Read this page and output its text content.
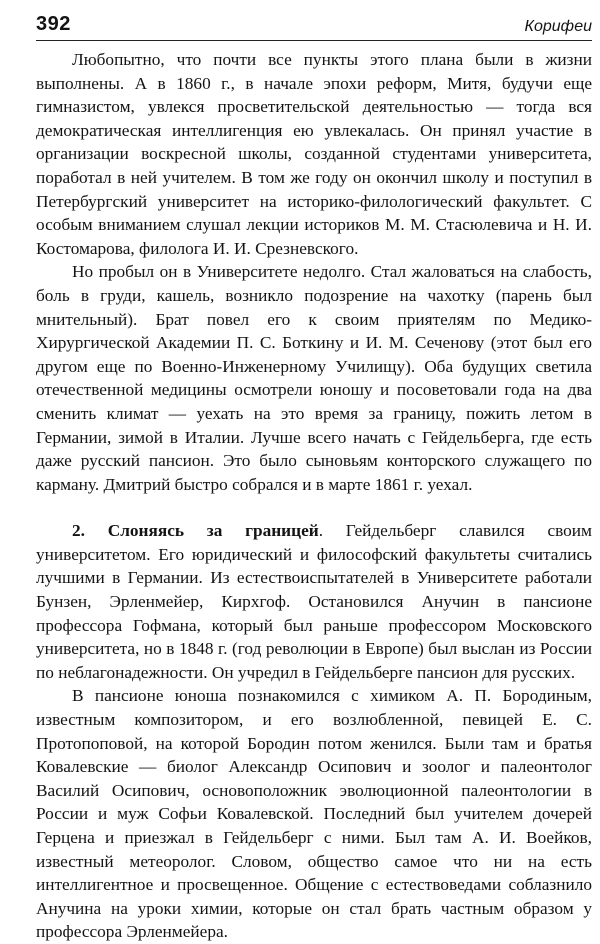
392	Корифеи

Любопытно, что почти все пункты этого плана были в жизни выполнены. А в 1860 г., в начале эпохи реформ, Митя, будучи еще гимназистом, увлекся просветительской деятельностью — тогда вся демократическая интеллигенция ею увлекалась. Он принял участие в организации воскресной школы, созданной студентами университета, поработал в ней учителем. В том же году он окончил школу и поступил в Петербургский университет на историко-филологический факультет. С особым вниманием слушал лекции историков М. М. Стасюлевича и Н. И. Костомарова, филолога И. И. Срезневского.

Но пробыл он в Университете недолго. Стал жаловаться на слабость, боль в груди, кашель, возникло подозрение на чахотку (парень был мнительный). Брат повел его к своим приятелям по Медико-Хирургической Академии П. С. Боткину и И. М. Сеченову (этот был его другом еще по Военно-Инженерному Училищу). Оба будущих светила отечественной медицины осмотрели юношу и посоветовали года на два сменить климат — уехать на это время за границу, пожить летом в Германии, зимой в Италии. Лучше всего начать с Гейдельберга, где есть даже русский пансион. Это было сыновьям конторского служащего по карману. Дмитрий быстро собрался и в марте 1861 г. уехал.

2. Слоняясь за границей. Гейдельберг славился своим университетом. Его юридический и философский факультеты считались лучшими в Германии. Из естествоиспытателей в Университете работали Бунзен, Эрленмейер, Кирхгоф. Остановился Анучин в пансионе профессора Гофмана, который был раньше профессором Московского университета, но в 1848 г. (год революции в Европе) был выслан из России по неблагонадежности. Он учредил в Гейдельберге пансион для русских.

В пансионе юноша познакомился с химиком А. П. Бородиным, известным композитором, и его возлюбленной, певицей Е. С. Протопоповой, на которой Бородин потом женился. Были там и братья Ковалевские — биолог Александр Осипович и зоолог и палеонтолог Василий Осипович, основоположник эволюционной палеонтологии в России и муж Софьи Ковалевской. Последний был учителем дочерей Герцена и приезжал в Гейдельберг с ними. Был там А. И. Воейков, известный метеоролог. Словом, общество самое что ни на есть интеллигентное и просвещенное. Общение с естествоведами соблазнило Анучина на уроки химии, которые он стал брать частным образом у профессора Эрленмейера.
